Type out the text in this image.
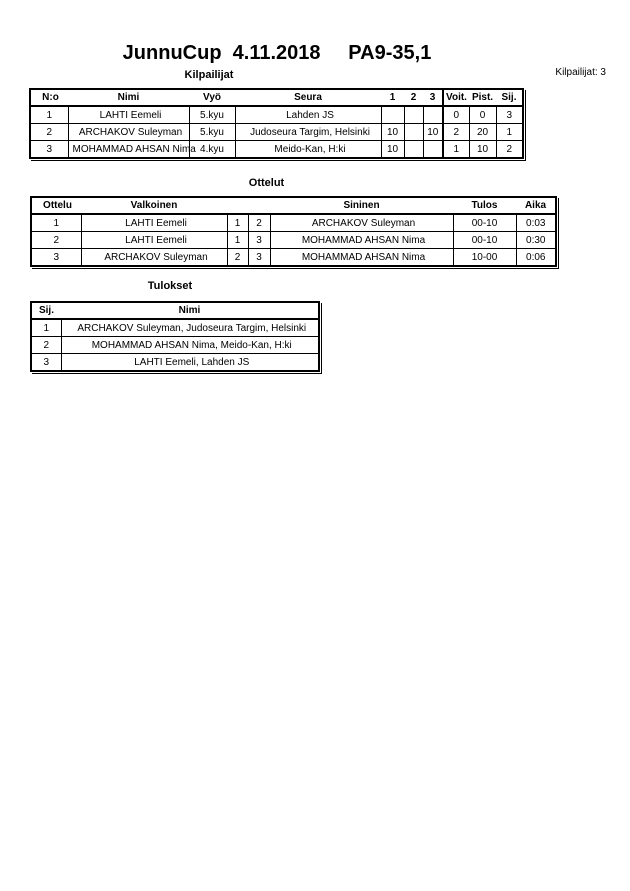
JunnuCup  4.11.2018     PA9-35,1
Kilpailijat: 3
Kilpailijat
N:o	Nimi	Vyö	Seura	1	2	3	Voit.	Pist.	Sij.
1	LAHTI Eemeli	5.kyu	Lahden JS				0	0	3
2	ARCHAKOV Suleyman	5.kyu	Judoseura Targim, Helsinki	10		10	2	20	1
3	MOHAMMAD AHSAN Nima	4.kyu	Meido-Kan, H:ki	10			1	10	2
Ottelut
Ottelu	Valkoinen			Sininen	Tulos	Aika
1	LAHTI Eemeli	1	2	ARCHAKOV Suleyman	00-10	0:03
2	LAHTI Eemeli	1	3	MOHAMMAD AHSAN Nima	00-10	0:30
3	ARCHAKOV Suleyman	2	3	MOHAMMAD AHSAN Nima	10-00	0:06
Tulokset
Sij.	Nimi
1	ARCHAKOV Suleyman, Judoseura Targim, Helsinki
2	MOHAMMAD AHSAN Nima, Meido-Kan, H:ki
3	LAHTI Eemeli, Lahden JS
